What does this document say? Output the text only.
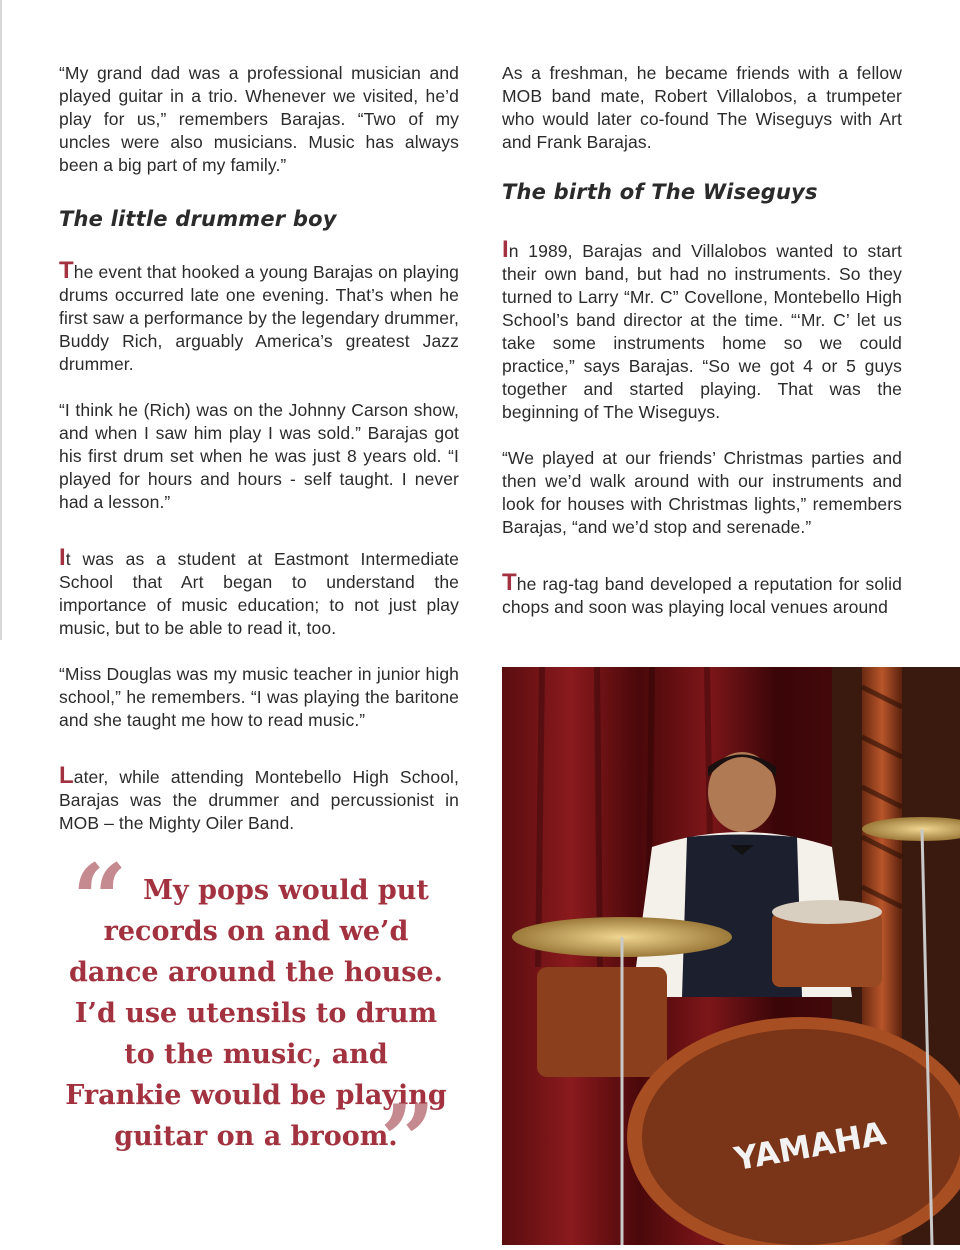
“My grand dad was a professional musician and played guitar in a trio. Whenever we visited, he’d play for us,” remembers Barajas. “Two of my uncles were also musicians. Music has always been a big part of my family.”

The little drummer boy

The event that hooked a young Barajas on playing drums occurred late one evening. That’s when he first saw a performance by the legendary drummer, Buddy Rich, arguably America’s greatest Jazz drummer.

“I think he (Rich) was on the Johnny Carson show, and when I saw him play I was sold.” Barajas got his first drum set when he was just 8 years old. “I played for hours and hours - self taught. I never had a lesson.”

It was as a student at Eastmont Intermediate School that Art began to understand the importance of music education; to not just play music, but to be able to read it, too.

“Miss Douglas was my music teacher in junior high school,” he remembers. “I was playing the baritone and she taught me how to read music.”

Later, while attending Montebello High School, Barajas was the drummer and percussionist in MOB – the Mighty Oiler Band.

As a freshman, he became friends with a fellow MOB band mate, Robert Villalobos, a trumpeter who would later co-found The Wiseguys with Art and Frank Barajas.

The birth of The Wiseguys

In 1989, Barajas and Villalobos wanted to start their own band, but had no instruments. So they turned to Larry “Mr. C” Covellone, Montebello High School’s band director at the time. “‘Mr. C’ let us take some instruments home so we could practice,” says Barajas. “So we got 4 or 5 guys together and started playing. That was the beginning of The Wiseguys.

“We played at our friends’ Christmas parties and then we’d walk around with our instruments and look for houses with Christmas lights,” remembers Barajas, “and we’d stop and serenade.”

The rag-tag band developed a reputation for solid chops and soon was playing local venues around

“ My pops would put records on and we’d dance around the house. I’d use utensils to drum to the music, and Frankie would be playing guitar on a broom.
”	YAMAHA
